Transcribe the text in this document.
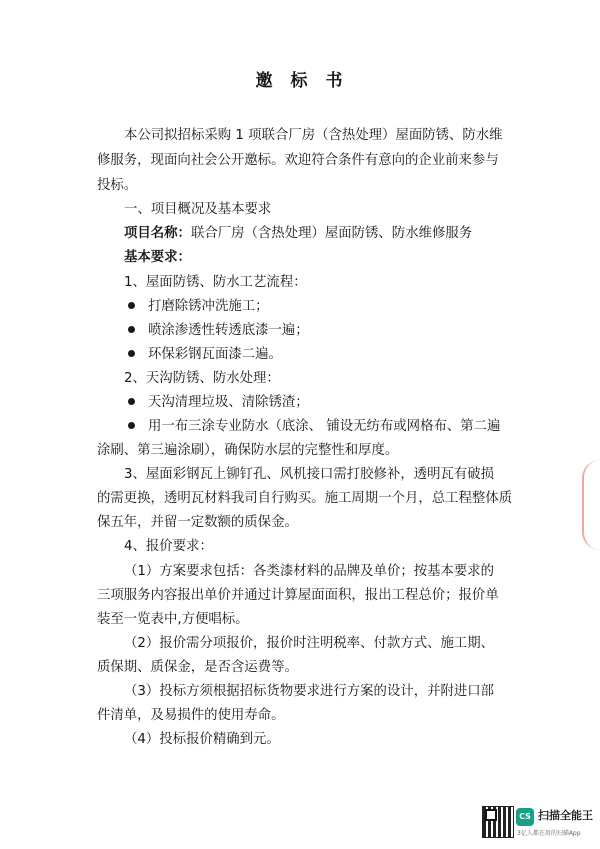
邀 标 书
本公司拟招标采购 1 项联合厂房（含热处理）屋面防锈、防水维
修服务，现面向社会公开邀标。欢迎符合条件有意向的企业前来参与
投标。
一、项目概况及基本要求
项目名称：联合厂房（含热处理）屋面防锈、防水维修服务
基本要求：
1、屋面防锈、防水工艺流程：
打磨除锈冲洗施工；
喷涂渗透性转透底漆一遍；
环保彩钢瓦面漆二遍。
2、天沟防锈、防水处理：
天沟清理垃圾、清除锈渣；
用一布三涂专业防水（底涂、 铺设无纺布或网格布、第二遍
涂刷、第三遍涂刷），确保防水层的完整性和厚度。
3、屋面彩钢瓦上铆钉孔、风机接口需打胶修补，透明瓦有破损
的需更换，透明瓦材料我司自行购买。施工周期一个月，总工程整体质
保五年，并留一定数额的质保金。
4、报价要求：
（1）方案要求包括：各类漆材料的品牌及单价；按基本要求的
三项服务内容报出单价并通过计算屋面面积，报出工程总价；报价单
装至一览表中,方便唱标。
（2）报价需分项报价，报价时注明税率、付款方式、施工期、
质保期、质保金，是否含运费等。
（3）投标方须根据招标货物要求进行方案的设计，并附进口部
件清单，及易损件的使用寿命。
（4）投标报价精确到元。
CS 扫描全能王
3亿人都在用的扫描App
